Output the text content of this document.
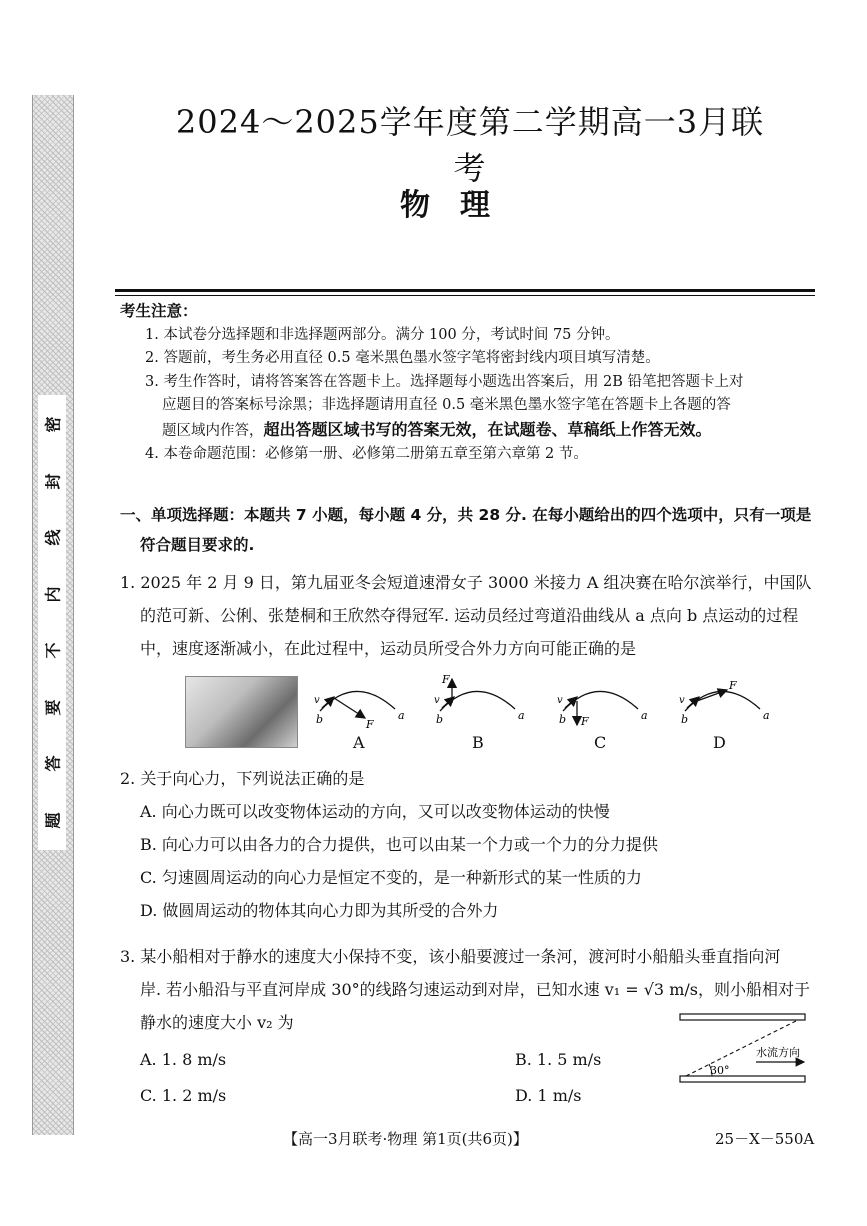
密
封
线
内
不
要
答
题
2024～2025学年度第二学期高一3月联考
物理
考生注意：
1. 本试卷分选择题和非选择题两部分。满分 100 分，考试时间 75 分钟。
2. 答题前，考生务必用直径 0.5 毫米黑色墨水签字笔将密封线内项目填写清楚。
3. 考生作答时，请将答案答在答题卡上。选择题每小题选出答案后，用 2B 铅笔把答题卡上对
应题目的答案标号涂黑；非选择题请用直径 0.5 毫米黑色墨水签字笔在答题卡上各题的答
题区域内作答，超出答题区域书写的答案无效，在试题卷、草稿纸上作答无效。
4. 本卷命题范围：必修第一册、必修第二册第五章至第六章第 2 节。
一、单项选择题：本题共 7 小题，每小题 4 分，共 28 分. 在每小题给出的四个选项中，只有一项是
符合题目要求的.
1. 2025 年 2 月 9 日，第九届亚冬会短道速滑女子 3000 米接力 A 组决赛在哈尔滨举行，中国队
的范可新、公俐、张楚桐和王欣然夺得冠军. 运动员经过弯道沿曲线从 a 点向 b 点运动的过程
中，速度逐渐减小，在此过程中，运动员所受合外力方向可能正确的是
v
b	F
a
A
v
b
F
a
B
v
b F	a
C
v
b
F
a
D
2. 关于向心力，下列说法正确的是
A. 向心力既可以改变物体运动的方向，又可以改变物体运动的快慢
B. 向心力可以由各力的合力提供，也可以由某一个力或一个力的分力提供
C. 匀速圆周运动的向心力是恒定不变的，是一种新形式的某一性质的力
D. 做圆周运动的物体其向心力即为其所受的合外力
3. 某小船相对于静水的速度大小保持不变，该小船要渡过一条河，渡河时小船船头垂直指向河
岸. 若小船沿与平直河岸成 30°的线路匀速运动到对岸，已知水速 v₁ = √3 m/s，则小船相对于
静水的速度大小 v₂ 为
A. 1. 8 m/s	B. 1. 5 m/s
C. 1. 2 m/s	D. 1 m/s
30°
水流方向
【高一3月联考·物理 第1页(共6页)】	25－X－550A
